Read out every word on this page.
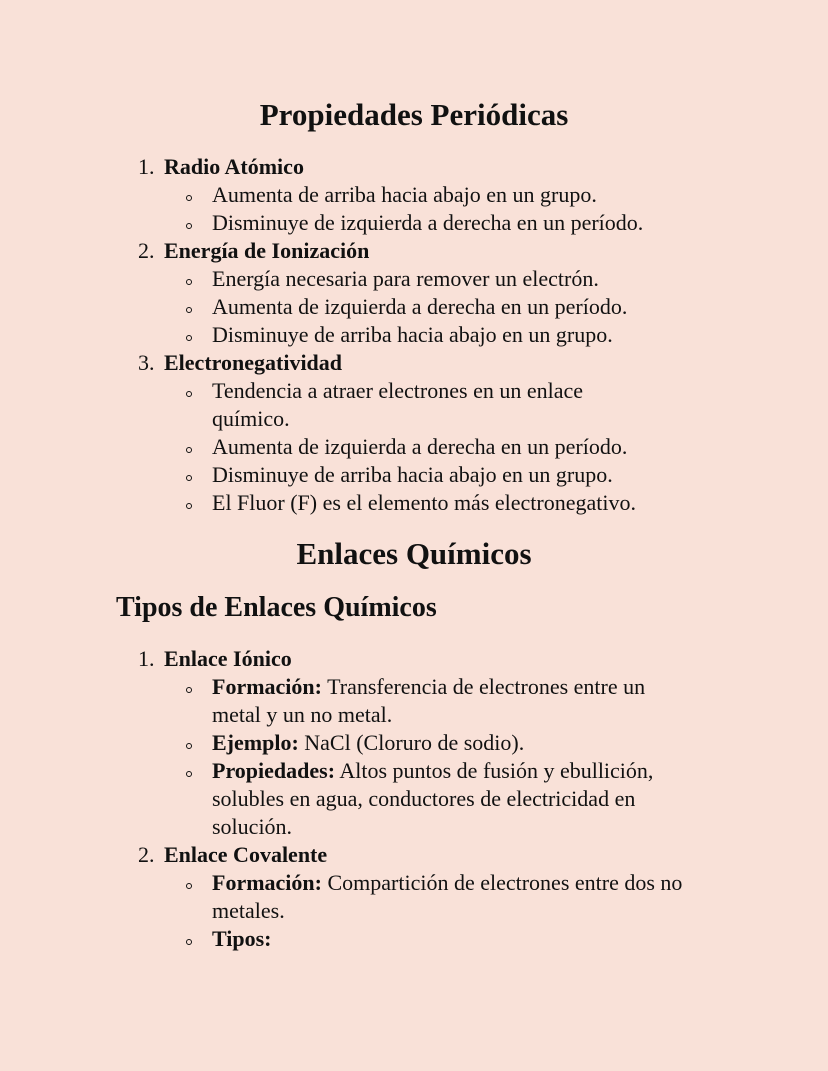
Propiedades Periódicas
1. Radio Atómico
Aumenta de arriba hacia abajo en un grupo.
Disminuye de izquierda a derecha en un período.
2. Energía de Ionización
Energía necesaria para remover un electrón.
Aumenta de izquierda a derecha en un período.
Disminuye de arriba hacia abajo en un grupo.
3. Electronegatividad
Tendencia a atraer electrones en un enlace químico.
Aumenta de izquierda a derecha en un período.
Disminuye de arriba hacia abajo en un grupo.
El Fluor (F) es el elemento más electronegativo.
Enlaces Químicos
Tipos de Enlaces Químicos
1. Enlace Iónico
Formación: Transferencia de electrones entre un metal y un no metal.
Ejemplo: NaCl (Cloruro de sodio).
Propiedades: Altos puntos de fusión y ebullición, solubles en agua, conductores de electricidad en solución.
2. Enlace Covalente
Formación: Compartición de electrones entre dos no metales.
Tipos:
